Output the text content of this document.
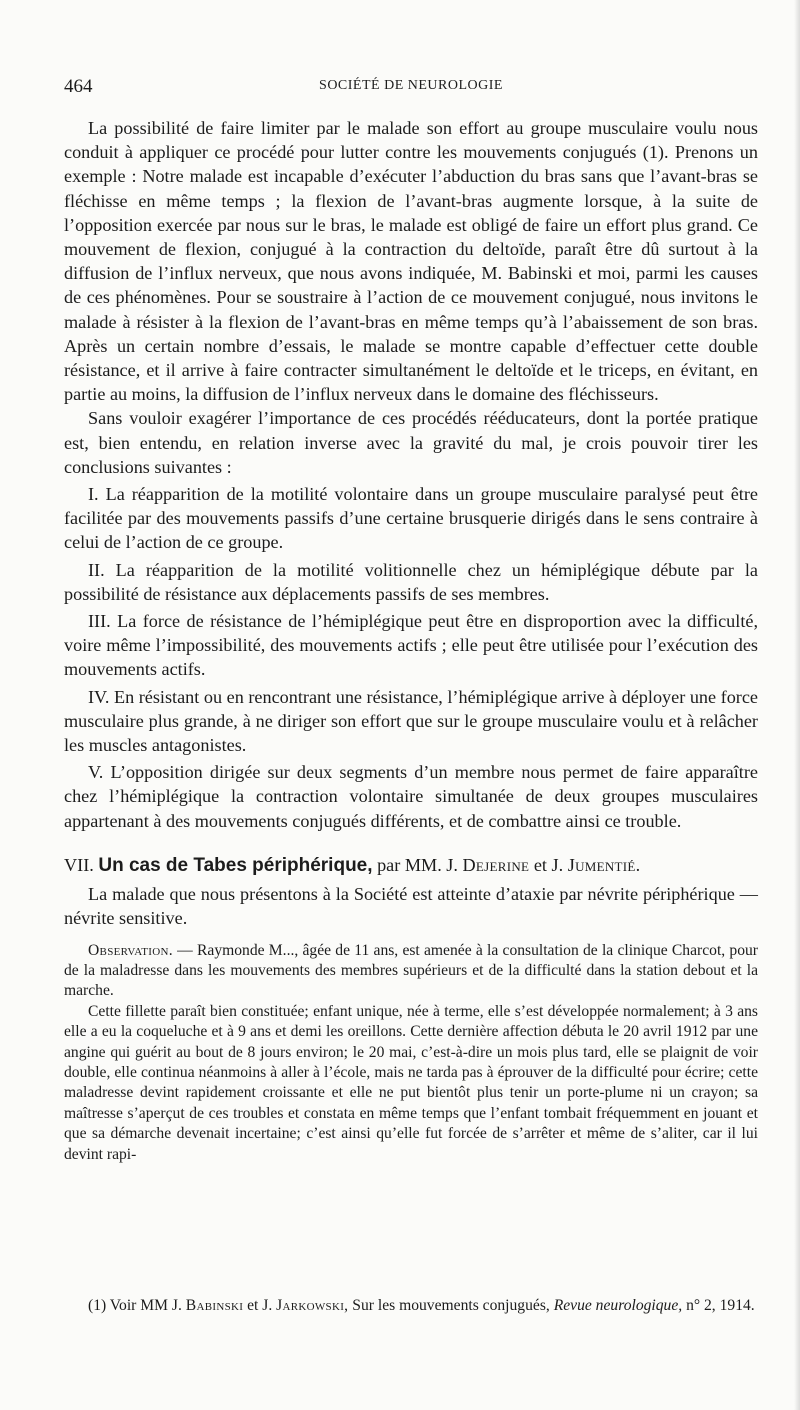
464	SOCIÉTÉ DE NEUROLOGIE

La possibilité de faire limiter par le malade son effort au groupe musculaire voulu nous conduit à appliquer ce procédé pour lutter contre les mouvements conjugués (1). Prenons un exemple : Notre malade est incapable d’exécuter l’abduction du bras sans que l’avant-bras se fléchisse en même temps ; la flexion de l’avant-bras augmente lorsque, à la suite de l’opposition exercée par nous sur le bras, le malade est obligé de faire un effort plus grand. Ce mouvement de flexion, conjugué à la contraction du deltoïde, paraît être dû surtout à la diffusion de l’influx nerveux, que nous avons indiquée, M. Babinski et moi, parmi les causes de ces phénomènes. Pour se soustraire à l’action de ce mouvement conjugué, nous invitons le malade à résister à la flexion de l’avant-bras en même temps qu’à l’abaissement de son bras. Après un certain nombre d’essais, le malade se montre capable d’effectuer cette double résistance, et il arrive à faire contracter simultanément le deltoïde et le triceps, en évitant, en partie au moins, la diffusion de l’influx nerveux dans le domaine des fléchisseurs.

Sans vouloir exagérer l’importance de ces procédés rééducateurs, dont la portée pratique est, bien entendu, en relation inverse avec la gravité du mal, je crois pouvoir tirer les conclusions suivantes :

I. La réapparition de la motilité volontaire dans un groupe musculaire paralysé peut être facilitée par des mouvements passifs d’une certaine brusquerie dirigés dans le sens contraire à celui de l’action de ce groupe.

II. La réapparition de la motilité volitionnelle chez un hémiplégique débute par la possibilité de résistance aux déplacements passifs de ses membres.

III. La force de résistance de l’hémiplégique peut être en disproportion avec la difficulté, voire même l’impossibilité, des mouvements actifs ; elle peut être utilisée pour l’exécution des mouvements actifs.

IV. En résistant ou en rencontrant une résistance, l’hémiplégique arrive à déployer une force musculaire plus grande, à ne diriger son effort que sur le groupe musculaire voulu et à relâcher les muscles antagonistes.

V. L’opposition dirigée sur deux segments d’un membre nous permet de faire apparaître chez l’hémiplégique la contraction volontaire simultanée de deux groupes musculaires appartenant à des mouvements conjugués différents, et de combattre ainsi ce trouble.

VII. Un cas de Tabes périphérique, par MM. J. Dejerine et J. Jumentié.

La malade que nous présentons à la Société est atteinte d’ataxie par névrite périphérique — névrite sensitive.

Observation. — Raymonde M..., âgée de 11 ans, est amenée à la consultation de la clinique Charcot, pour de la maladresse dans les mouvements des membres supérieurs et de la difficulté dans la station debout et la marche.

Cette fillette paraît bien constituée; enfant unique, née à terme, elle s’est développée normalement; à 3 ans elle a eu la coqueluche et à 9 ans et demi les oreillons. Cette dernière affection débuta le 20 avril 1912 par une angine qui guérit au bout de 8 jours environ; le 20 mai, c’est-à-dire un mois plus tard, elle se plaignit de voir double, elle continua néanmoins à aller à l’école, mais ne tarda pas à éprouver de la difficulté pour écrire; cette maladresse devint rapidement croissante et elle ne put bientôt plus tenir un porte-plume ni un crayon; sa maîtresse s’aperçut de ces troubles et constata en même temps que l’enfant tombait fréquemment en jouant et que sa démarche devenait incertaine; c’est ainsi qu’elle fut forcée de s’arrêter et même de s’aliter, car il lui devint rapi-

(1) Voir MM J. Babinski et J. Jarkowski, Sur les mouvements conjugués, Revue neurologique, n° 2, 1914.
